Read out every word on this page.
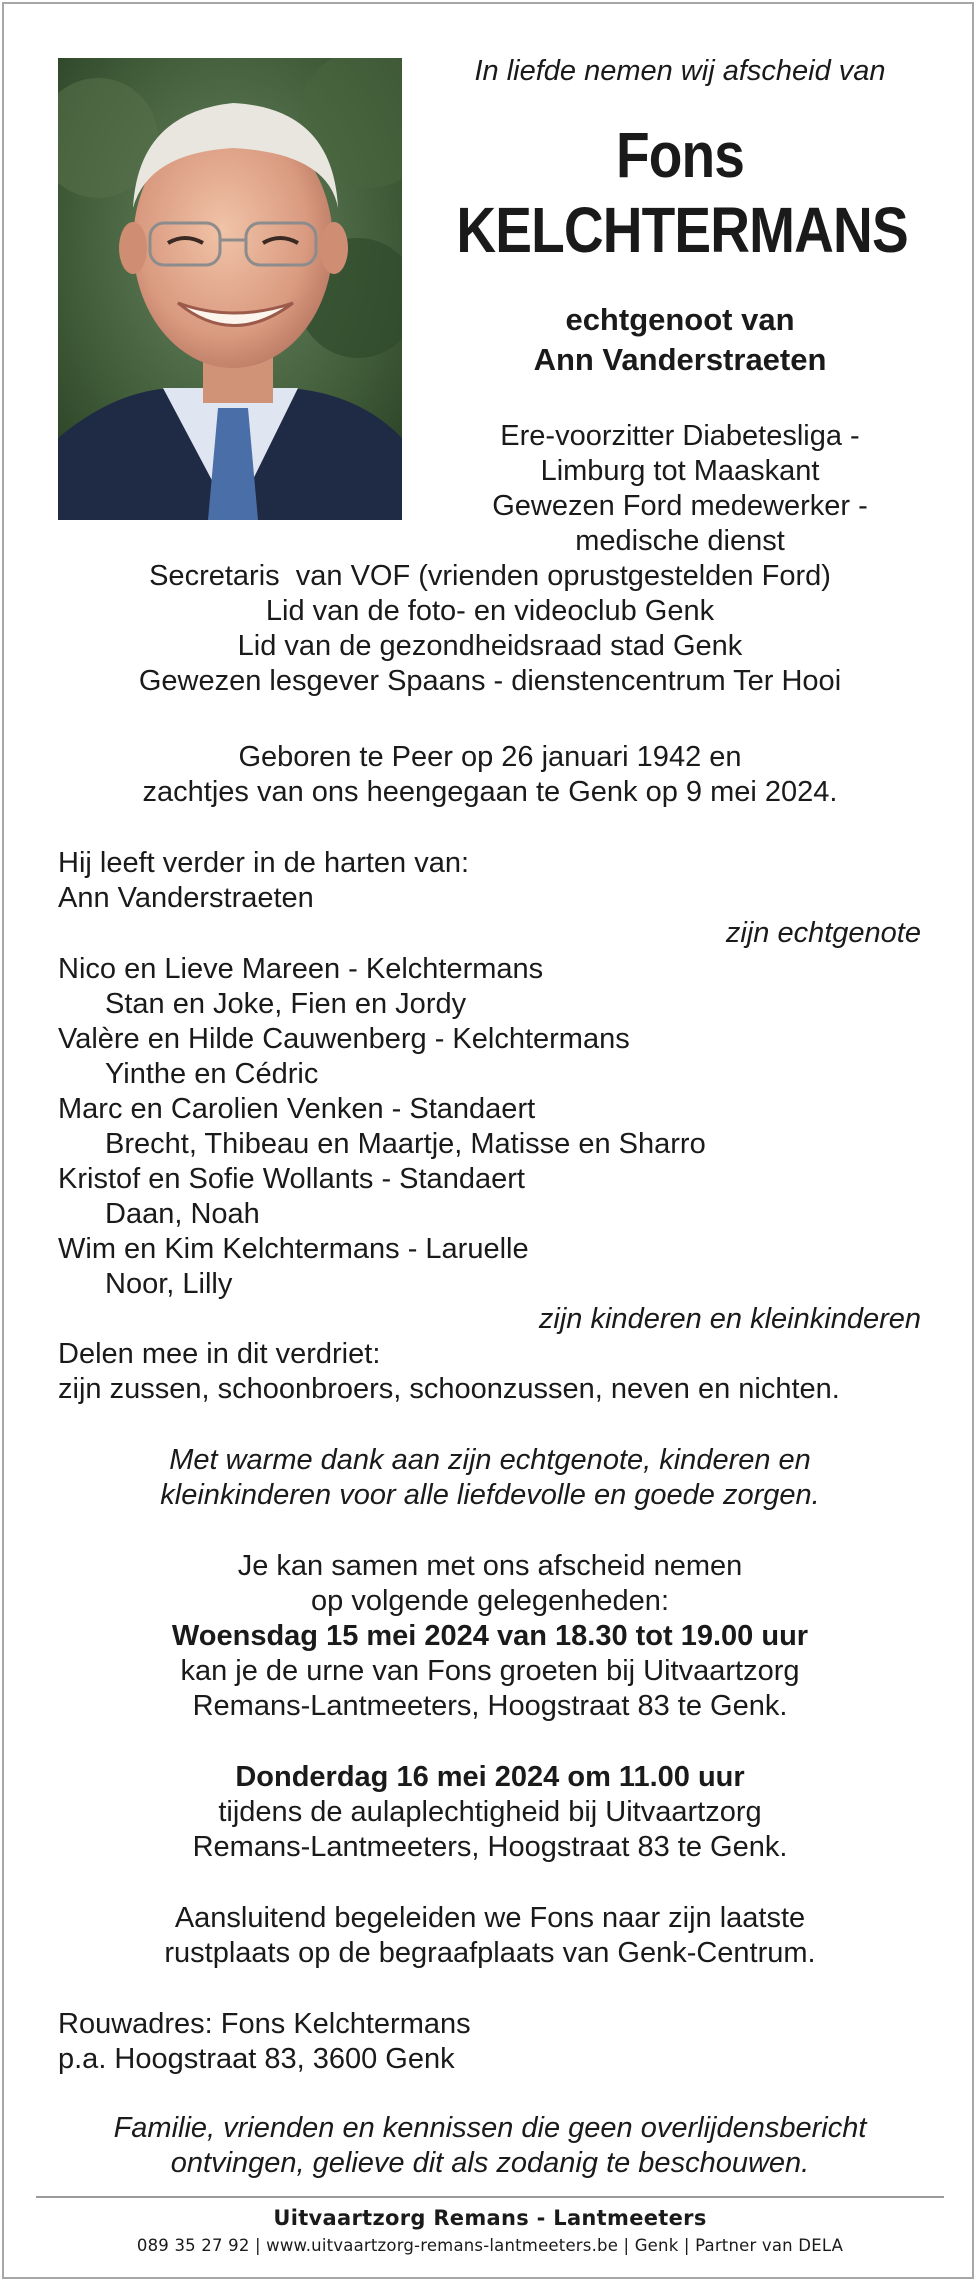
In liefde nemen wij afscheid van
Fons
KELCHTERMANS
echtgenoot van
Ann Vanderstraeten
Ere-voorzitter Diabetesliga -
Limburg tot Maaskant
Gewezen Ford medewerker -
medische dienst
Secretaris  van VOF (vrienden oprustgestelden Ford)
Lid van de foto- en videoclub Genk
Lid van de gezondheidsraad stad Genk
Gewezen lesgever Spaans - dienstencentrum Ter Hooi
Geboren te Peer op 26 januari 1942 en
zachtjes van ons heengegaan te Genk op 9 mei 2024.
Hij leeft verder in de harten van:
Ann Vanderstraeten
zijn echtgenote
Nico en Lieve Mareen - Kelchtermans
Stan en Joke, Fien en Jordy
Valère en Hilde Cauwenberg - Kelchtermans
Yinthe en Cédric
Marc en Carolien Venken - Standaert
Brecht, Thibeau en Maartje, Matisse en Sharro
Kristof en Sofie Wollants - Standaert
Daan, Noah
Wim en Kim Kelchtermans - Laruelle
Noor, Lilly
zijn kinderen en kleinkinderen
Delen mee in dit verdriet:
zijn zussen, schoonbroers, schoonzussen, neven en nichten.
Met warme dank aan zijn echtgenote, kinderen en
kleinkinderen voor alle liefdevolle en goede zorgen.
Je kan samen met ons afscheid nemen
op volgende gelegenheden:
Woensdag 15 mei 2024 van 18.30 tot 19.00 uur
kan je de urne van Fons groeten bij Uitvaartzorg
Remans-Lantmeeters, Hoogstraat 83 te Genk.
Donderdag 16 mei 2024 om 11.00 uur
tijdens de aulaplechtigheid bij Uitvaartzorg
Remans-Lantmeeters, Hoogstraat 83 te Genk.
Aansluitend begeleiden we Fons naar zijn laatste
rustplaats op de begraafplaats van Genk-Centrum.
Rouwadres: Fons Kelchtermans
p.a. Hoogstraat 83, 3600 Genk
Familie, vrienden en kennissen die geen overlijdensbericht
ontvingen, gelieve dit als zodanig te beschouwen.
Uitvaartzorg Remans - Lantmeeters
089 35 27 92 | www.uitvaartzorg-remans-lantmeeters.be | Genk | Partner van DELA
